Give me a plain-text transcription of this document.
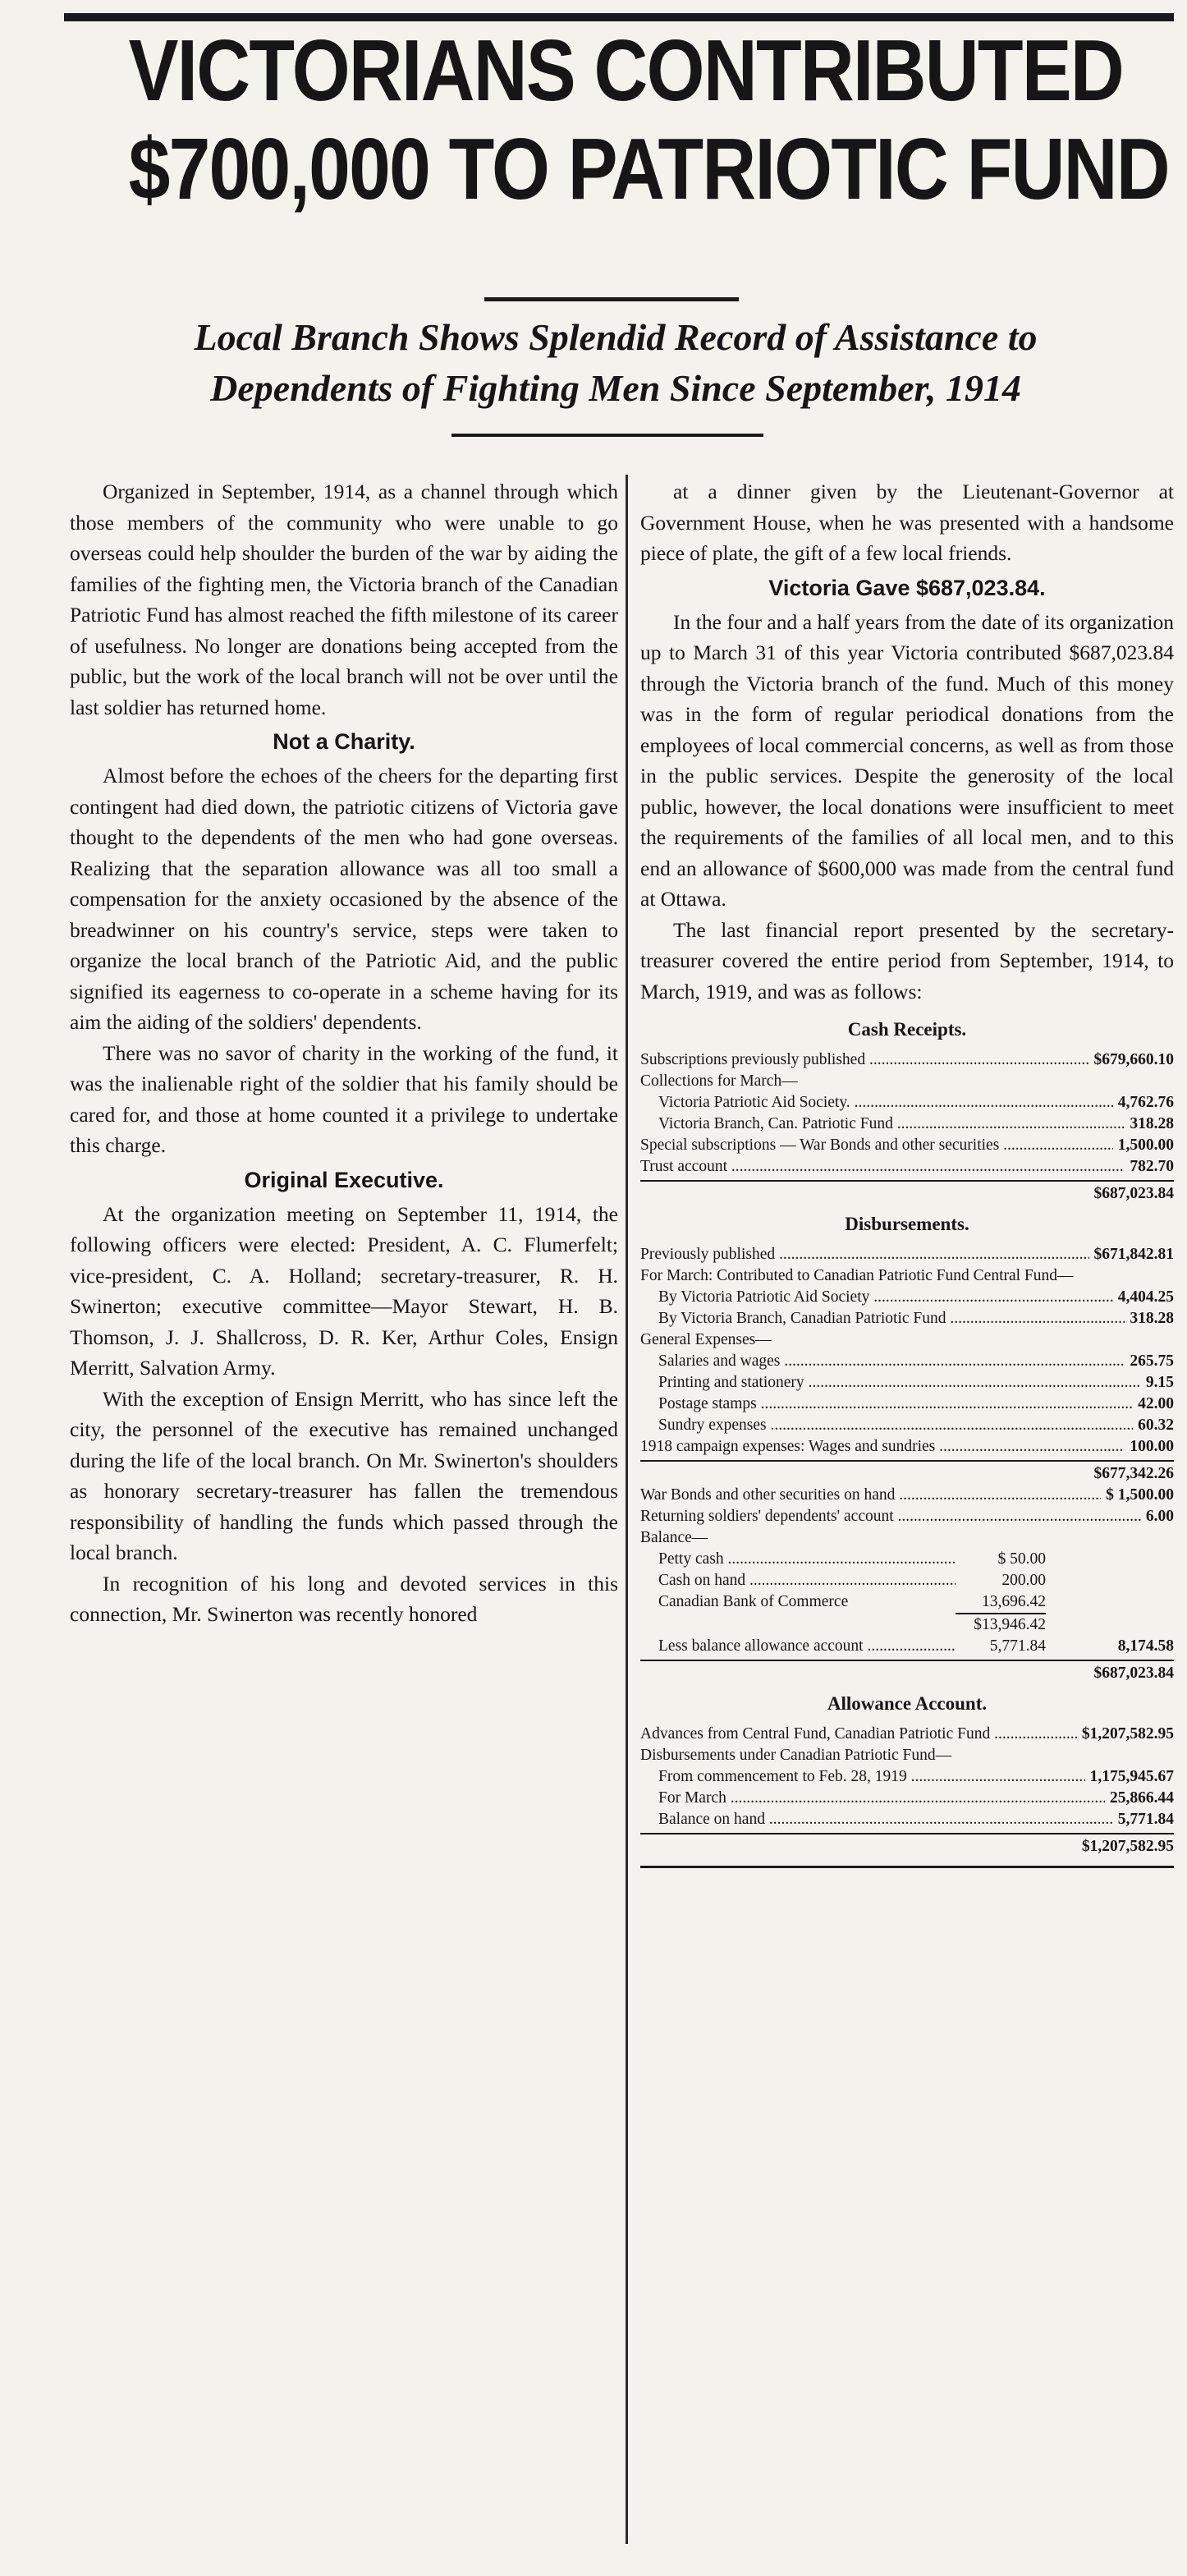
VICTORIANS CONTRIBUTED
$700,000 TO PATRIOTIC FUND
Local Branch Shows Splendid Record of Assistance to
Dependents of Fighting Men Since September, 1914

Organized in September, 1914, as a channel through which those members of the community who were unable to go overseas could help shoulder the burden of the war by aiding the families of the fighting men, the Victoria branch of the Canadian Patriotic Fund has almost reached the fifth milestone of its career of usefulness. No longer are donations being accepted from the public, but the work of the local branch will not be over until the last soldier has returned home.

Not a Charity.

Almost before the echoes of the cheers for the departing first contingent had died down, the patriotic citizens of Victoria gave thought to the dependents of the men who had gone overseas. Realizing that the separation allowance was all too small a compensation for the anxiety occasioned by the absence of the breadwinner on his country's service, steps were taken to organize the local branch of the Patriotic Aid, and the public signified its eagerness to co-operate in a scheme having for its aim the aiding of the soldiers' dependents.

There was no savor of charity in the working of the fund, it was the inalienable right of the soldier that his family should be cared for, and those at home counted it a privilege to undertake this charge.

Original Executive.

At the organization meeting on September 11, 1914, the following officers were elected: President, A. C. Flumerfelt; vice-president, C. A. Holland; secretary-treasurer, R. H. Swinerton; executive committee—Mayor Stewart, H. B. Thomson, J. J. Shallcross, D. R. Ker, Arthur Coles, Ensign Merritt, Salvation Army.

With the exception of Ensign Merritt, who has since left the city, the personnel of the executive has remained unchanged during the life of the local branch. On Mr. Swinerton's shoulders as honorary secretary-treasurer has fallen the tremendous responsibility of handling the funds which passed through the local branch.

In recognition of his long and devoted services in this connection, Mr. Swinerton was recently honored

at a dinner given by the Lieutenant-Governor at Government House, when he was presented with a handsome piece of plate, the gift of a few local friends.

Victoria Gave $687,023.84.

In the four and a half years from the date of its organization up to March 31 of this year Victoria contributed $687,023.84 through the Victoria branch of the fund. Much of this money was in the form of regular periodical donations from the employees of local commercial concerns, as well as from those in the public services. Despite the generosity of the local public, however, the local donations were insufficient to meet the requirements of the families of all local men, and to this end an allowance of $600,000 was made from the central fund at Ottawa.

The last financial report presented by the secretary-treasurer covered the entire period from September, 1914, to March, 1919, and was as follows:

Cash Receipts.
Subscriptions previously published .....	$679,660.10
Collections for March—
Victoria Patriotic Aid Society. .....	4,762.76
Victoria Branch, Can. Patriotic Fund .....	318.28
Special subscriptions — War Bonds and other securities .....	1,500.00
Trust account .....	782.70
$687,023.84
Disbursements.
Previously published .....	$671,842.81
For March: Contributed to Canadian Patriotic Fund Central Fund—
By Victoria Patriotic Aid Society .....	4,404.25
By Victoria Branch, Canadian Patriotic Fund .....	318.28
General Expenses—
Salaries and wages .....	265.75
Printing and stationery .....	9.15
Postage stamps .....	42.00
Sundry expenses .....	60.32
1918 campaign expenses: Wages and sundries .....	100.00
$677,342.26
War Bonds and other securities on hand .....	$ 1,500.00
Returning soldiers' dependents' account .....	6.00
Balance—
Petty cash .....	$ 50.00
Cash on hand .....	200.00
Canadian Bank of Commerce	13,696.42
$13,946.42
Less balance allowance account .....	5,771.84	8,174.58
$687,023.84
Allowance Account.
Advances from Central Fund, Canadian Patriotic Fund .....	$1,207,582.95
Disbursements under Canadian Patriotic Fund—
From commencement to Feb. 28, 1919 .....	1,175,945.67
For March .....	25,866.44
Balance on hand .....	5,771.84
$1,207,582.95
